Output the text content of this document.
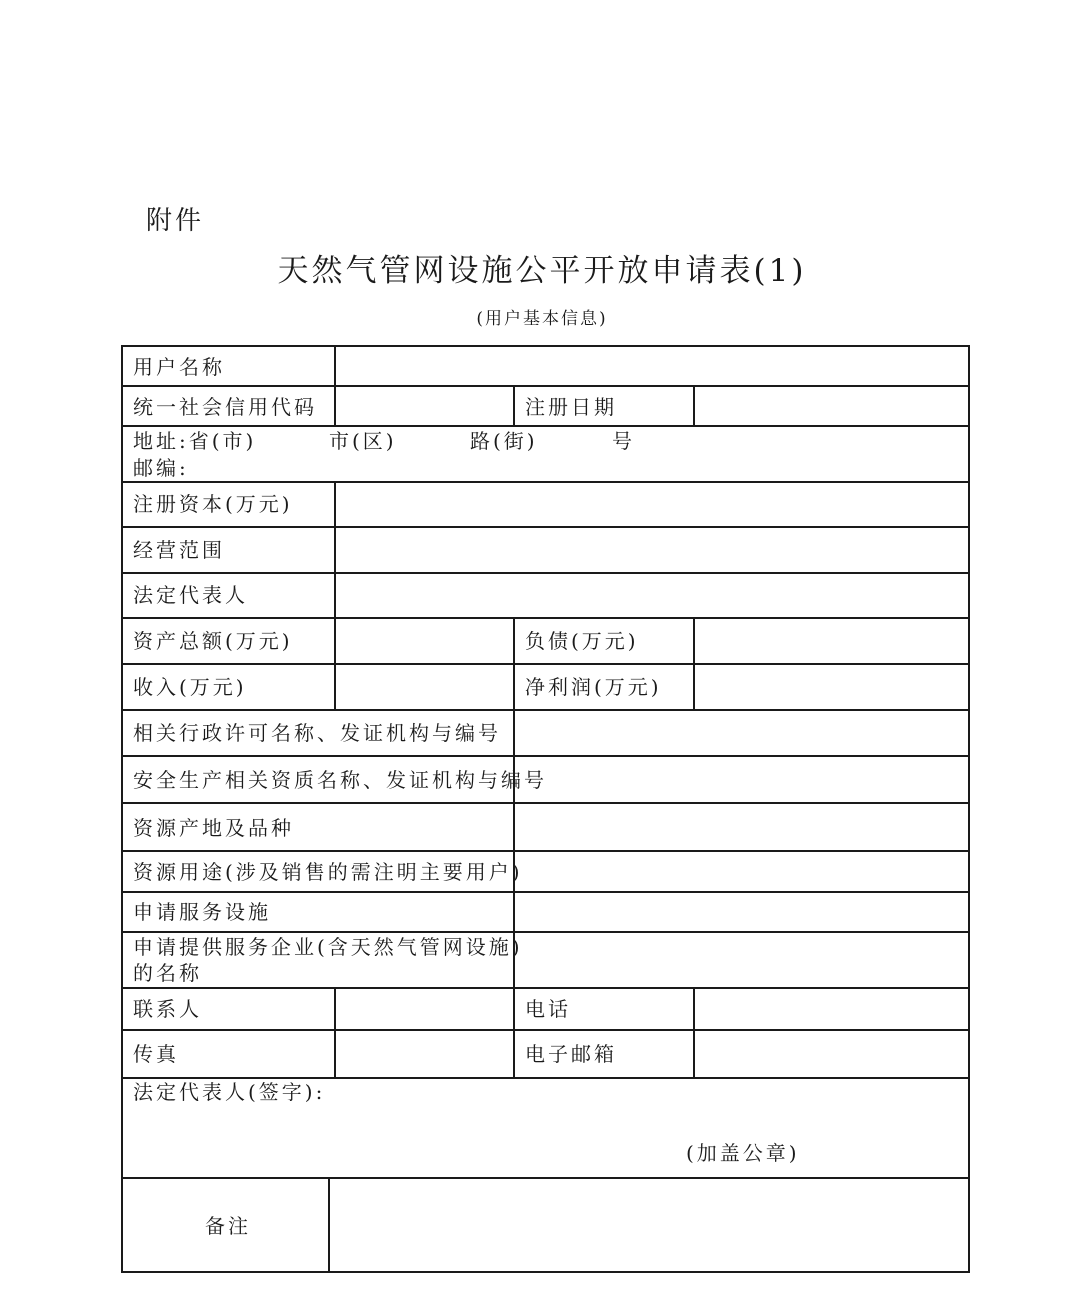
附件
天然气管网设施公平开放申请表(1)
(用户基本信息)
用户名称
统一社会信用代码	注册日期
地址:省(市)	市(区)	路(街)	号
邮编:
注册资本(万元)
经营范围
法定代表人
资产总额(万元)	负债(万元)
收入(万元)	净利润(万元)
相关行政许可名称、发证机构与编号
安全生产相关资质名称、发证机构与编号
资源产地及品种
资源用途(涉及销售的需注明主要用户)
申请服务设施
申请提供服务企业(含天然气管网设施)
的名称
联系人	电话
传真	电子邮箱
法定代表人(签字):
(加盖公章)
备注
